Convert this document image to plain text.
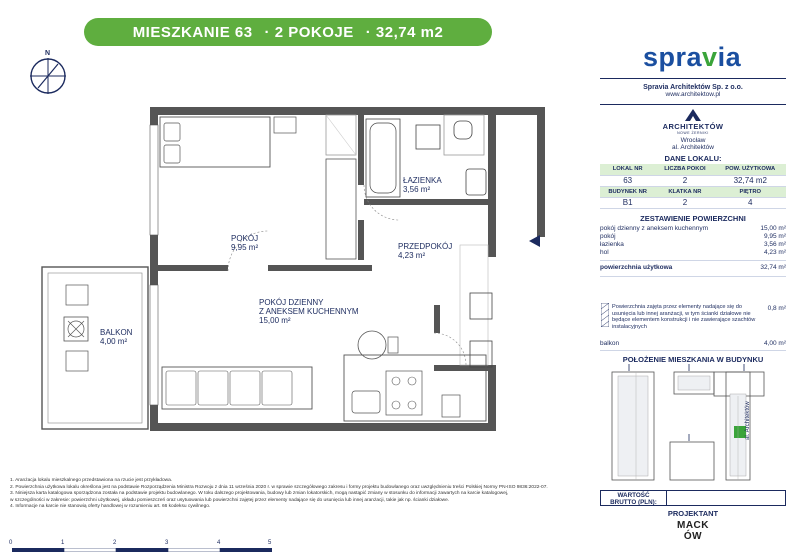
MIESZKANIE 63 · 2 POKOJE · 32,74 m2
N	spravia
ŁAZIENKA
3,56 m²
POKÓJ
9,95 m²	PRZEDPOKÓJ
4,23 m²
POKÓJ DZIENNY
Z ANEKSEM KUCHENNYM
15,00 m²
BALKON
4,00 m²
Spravia Architektów Sp. z o.o.
www.architektow.pl
ARCHITEKTÓW
NOWE ŻERNIKI
Wrocław
al. Architektów
DANE LOKALU:
LOKAL NR	LICZBA POKOI	POW. UŻYTKOWA
63	2	32,74 m2
BUDYNEK NR	KLATKA NR	PIĘTRO
B1	2	4
ZESTAWIENIE POWIERZCHNI
pokój dzienny z aneksem kuchennym	15,00 m²
pokój	9,95 m²
łazienka	3,56 m²
hol	4,23 m²
powierzchnia użytkowa	32,74 m²
Powierzchnia zajęta przez elementy nadające się do usunięcia lub innej aranżacji, w tym ścianki działowe nie będące elementem konstrukcji i nie zawierające szachtów instalacyjnych
0,8 m²
balkon	4,00 m²
POŁOŻENIE MIESZKANIA W BUDYNKU
al. Architektów
WARTOŚĆ
BRUTTO (PLN):
PROJEKTANT
MACKÓW
1. Aranżacja lokalu mieszkalnego przedstawiona na rzucie jest przykładowa.
2. Powierzchnia użytkowa lokalu określona jest na podstawie Rozporządzenia Ministra Rozwoju z dnia 11 września 2020 r. w sprawie szczegółowego zakresu i formy projektu budowlanego oraz uwzględnieniu treści Polskiej Normy PN-ISO 9836:2022-07.
3. Niniejsza karta katalogowa sporządzona została na podstawie projektu budowlanego. W toku dalszego projektowania, budowy lub zmian lokatorskich, mogą nastąpić zmiany w stosunku do informacji zawartych na karcie katalogowej,
w szczególności w zakresie: powierzchni użytkowej, układu pomieszczeń oraz usytuowania lub powierzchni zajętej przez elementy nadające się do usunięcia lub innej aranżacji, takie jak np. ścianki działowe.
4. Informacje na karcie nie stanowią oferty handlowej w rozumieniu art. 66 kodeksu cywilnego.
0	1	2	3	4	5
